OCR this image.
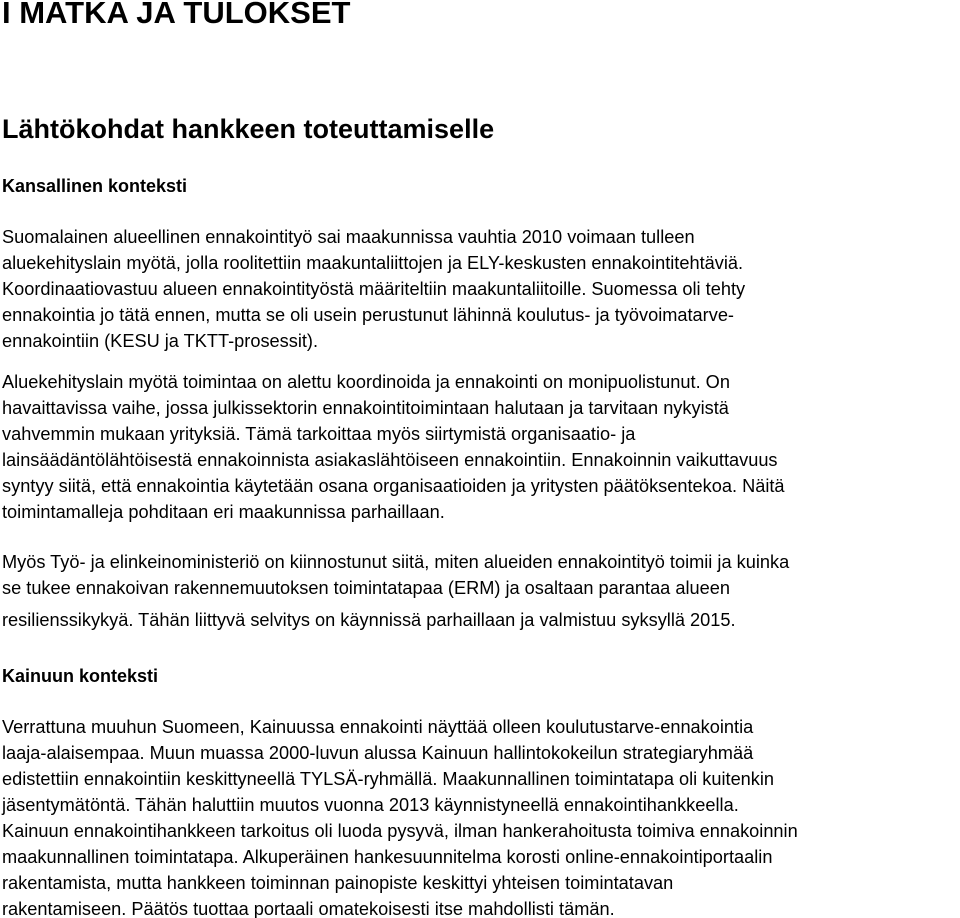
I MATKA JA TULOKSET
Lähtökohdat hankkeen toteuttamiselle
Kansallinen konteksti

Suomalainen alueellinen ennakointityö sai maakunnissa vauhtia 2010 voimaan tulleen
aluekehityslain myötä, jolla roolitettiin maakuntaliittojen ja ELY-keskusten ennakointitehtäviä.
Koordinaatiovastuu alueen ennakointityöstä määriteltiin maakuntaliitoille. Suomessa oli tehty
ennakointia jo tätä ennen, mutta se oli usein perustunut lähinnä koulutus- ja työvoimatarve-
ennakointiin (KESU ja TKTT-prosessit).

Aluekehityslain myötä toimintaa on alettu koordinoida ja ennakointi on monipuolistunut. On
havaittavissa vaihe, jossa julkissektorin ennakointitoimintaan halutaan ja tarvitaan nykyistä
vahvemmin mukaan yrityksiä. Tämä tarkoittaa myös siirtymistä organisaatio- ja
lainsäädäntölähtöisestä ennakoinnista asiakaslähtöiseen ennakointiin. Ennakoinnin vaikuttavuus
syntyy siitä, että ennakointia käytetään osana organisaatioiden ja yritysten päätöksentekoa. Näitä
toimintamalleja pohditaan eri maakunnissa parhaillaan.

Myös Työ- ja elinkeinoministeriö on kiinnostunut siitä, miten alueiden ennakointityö toimii ja kuinka
se tukee ennakoivan rakennemuutoksen toimintatapaa (ERM) ja osaltaan parantaa alueen
resilienssikykyä. Tähän liittyvä selvitys on käynnissä parhaillaan ja valmistuu syksyllä 2015.

Kainuun konteksti

Verrattuna muuhun Suomeen, Kainuussa ennakointi näyttää olleen koulutustarve-ennakointia
laaja-alaisempaa. Muun muassa 2000-luvun alussa Kainuun hallintokokeilun strategiaryhmää
edistettiin ennakointiin keskittyneellä TYLSÄ-ryhmällä. Maakunnallinen toimintatapa oli kuitenkin
jäsentymätöntä. Tähän haluttiin muutos vuonna 2013 käynnistyneellä ennakointihankkeella.
Kainuun ennakointihankkeen tarkoitus oli luoda pysyvä, ilman hankerahoitusta toimiva ennakoinnin
maakunnallinen toimintatapa. Alkuperäinen hankesuunnitelma korosti online-ennakointiportaalin
rakentamista, mutta hankkeen toiminnan painopiste keskittyi yhteisen toimintatavan
rakentamiseen. Päätös tuottaa portaali omatekoisesti itse mahdollisti tämän.
